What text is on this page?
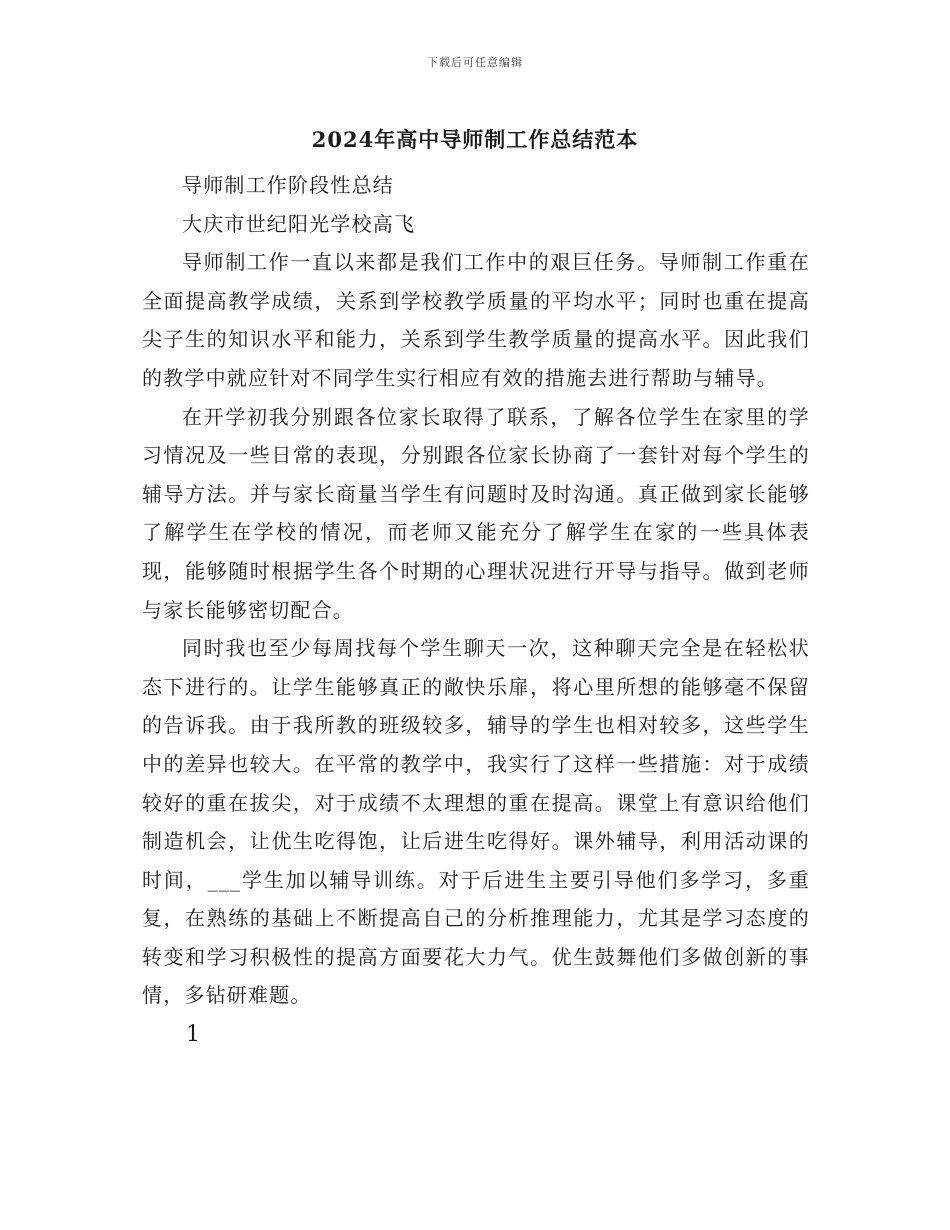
下载后可任意编辑
2024年高中导师制工作总结范本

导师制工作阶段性总结

大庆市世纪阳光学校高飞

导师制工作一直以来都是我们工作中的艰巨任务。导师制工作重在全面提高教学成绩，关系到学校教学质量的平均水平；同时也重在提高尖子生的知识水平和能力，关系到学生教学质量的提高水平。因此我们的教学中就应针对不同学生实行相应有效的措施去进行帮助与辅导。

在开学初我分别跟各位家长取得了联系，了解各位学生在家里的学习情况及一些日常的表现，分别跟各位家长协商了一套针对每个学生的辅导方法。并与家长商量当学生有问题时及时沟通。真正做到家长能够了解学生在学校的情况，而老师又能充分了解学生在家的一些具体表现，能够随时根据学生各个时期的心理状况进行开导与指导。做到老师与家长能够密切配合。

同时我也至少每周找每个学生聊天一次，这种聊天完全是在轻松状态下进行的。让学生能够真正的敞快乐扉，将心里所想的能够毫不保留的告诉我。由于我所教的班级较多，辅导的学生也相对较多，这些学生中的差异也较大。在平常的教学中，我实行了这样一些措施：对于成绩较好的重在拔尖，对于成绩不太理想的重在提高。课堂上有意识给他们制造机会，让优生吃得饱，让后进生吃得好。课外辅导，利用活动课的时间，___学生加以辅导训练。对于后进生主要引导他们多学习，多重复，在熟练的基础上不断提高自己的分析推理能力，尤其是学习态度的转变和学习积极性的提高方面要花大力气。优生鼓舞他们多做创新的事情，多钻研难题。

1
